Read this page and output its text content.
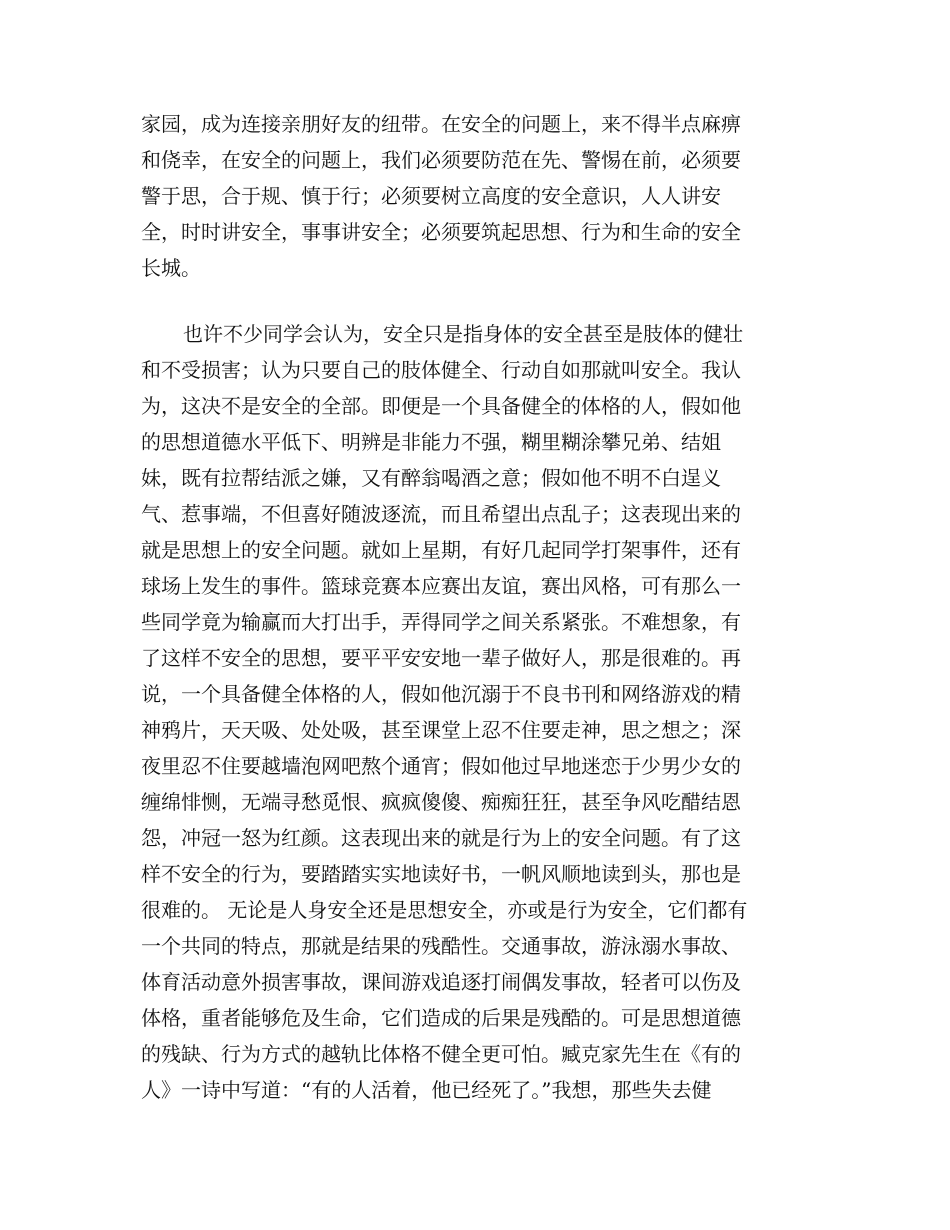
家园，成为连接亲朋好友的纽带。在安全的问题上，来不得半点麻痹
和侥幸，在安全的问题上，我们必须要防范在先、警惕在前，必须要
警于思，合于规、慎于行；必须要树立高度的安全意识，人人讲安
全，时时讲安全，事事讲安全；必须要筑起思想、行为和生命的安全
长城。
也许不少同学会认为，安全只是指身体的安全甚至是肢体的健壮
和不受损害；认为只要自己的肢体健全、行动自如那就叫安全。我认
为，这决不是安全的全部。即便是一个具备健全的体格的人，假如他
的思想道德水平低下、明辨是非能力不强，糊里糊涂攀兄弟、结姐
妹，既有拉帮结派之嫌，又有醉翁喝酒之意；假如他不明不白逞义
气、惹事端，不但喜好随波逐流，而且希望出点乱子；这表现出来的
就是思想上的安全问题。就如上星期，有好几起同学打架事件，还有
球场上发生的事件。篮球竞赛本应赛出友谊，赛出风格，可有那么一
些同学竟为输赢而大打出手，弄得同学之间关系紧张。不难想象，有
了这样不安全的思想，要平平安安地一辈子做好人，那是很难的。再
说，一个具备健全体格的人，假如他沉溺于不良书刊和网络游戏的精
神鸦片，天天吸、处处吸，甚至课堂上忍不住要走神，思之想之；深
夜里忍不住要越墙泡网吧熬个通宵；假如他过早地迷恋于少男少女的
缠绵悱恻，无端寻愁觅恨、疯疯傻傻、痴痴狂狂，甚至争风吃醋结恩
怨，冲冠一怒为红颜。这表现出来的就是行为上的安全问题。有了这
样不安全的行为，要踏踏实实地读好书，一帆风顺地读到头，那也是
很难的。 无论是人身安全还是思想安全，亦或是行为安全，它们都有
一个共同的特点，那就是结果的残酷性。交通事故，游泳溺水事故、
体育活动意外损害事故，课间游戏追逐打闹偶发事故，轻者可以伤及
体格，重者能够危及生命，它们造成的后果是残酷的。可是思想道德
的残缺、行为方式的越轨比体格不健全更可怕。臧克家先生在《有的
人》一诗中写道：“有的人活着，他已经死了。”我想，那些失去健
